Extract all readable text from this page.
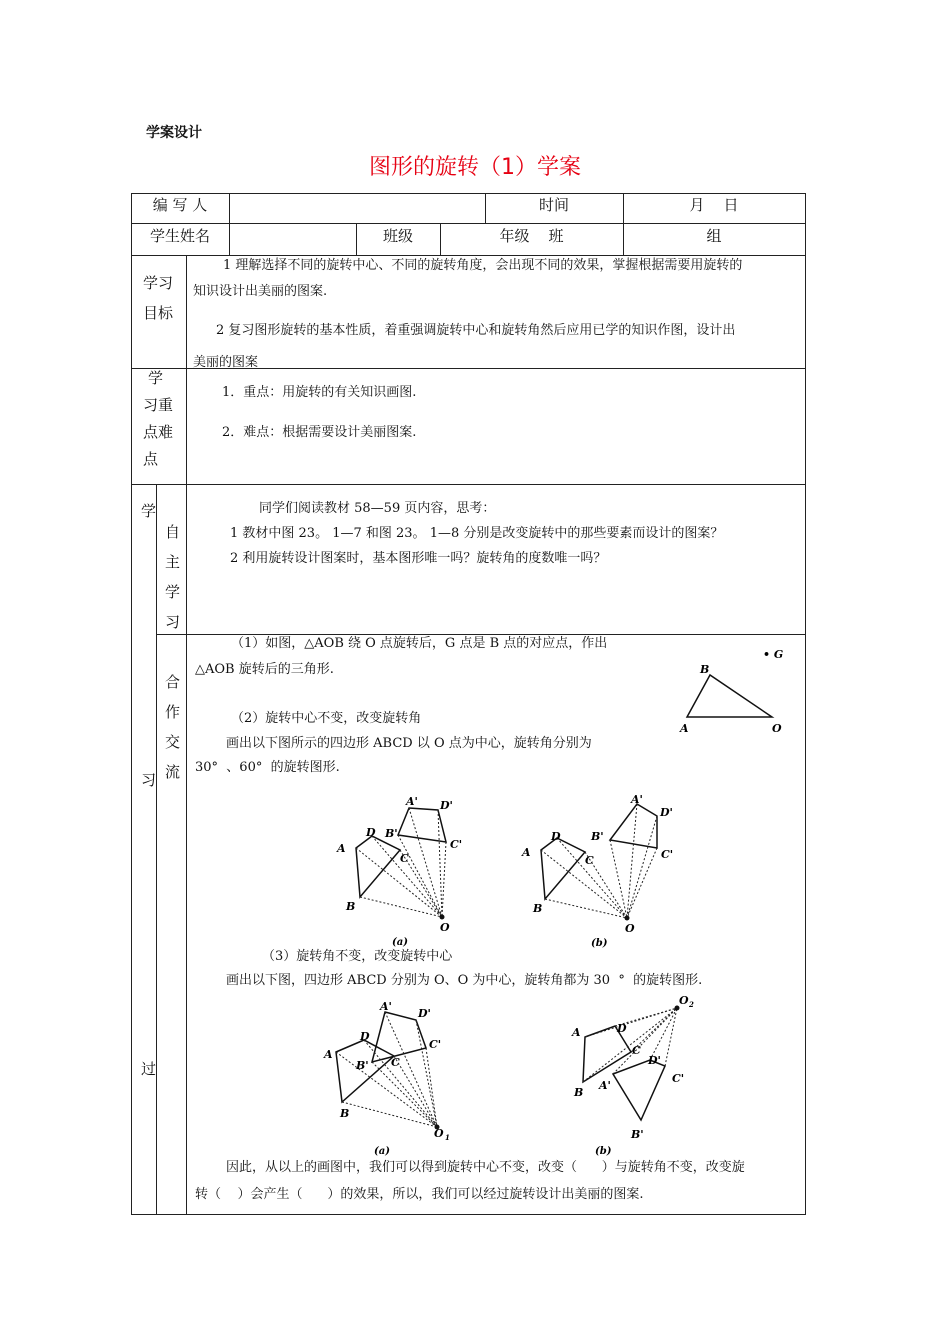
学案设计
图形的旋转（1）学案
编 写 人	时间	月    日
学生姓名	班级	年级    班	组
学习
目标
1 理解选择不同的旋转中心、不同的旋转角度，会出现不同的效果，掌握根据需要用旋转的
知识设计出美丽的图案.
2 复习图形旋转的基本性质，着重强调旋转中心和旋转角然后应用已学的知识作图，设计出
美丽的图案
学
习重
点难
点
1．重点：用旋转的有关知识画图.
2．难点：根据需要设计美丽图案.
学
习
过
自
主
学
习
同学们阅读教材 58—59 页内容，思考：
1 教材中图 23。 1—7 和图 23。 1—8 分别是改变旋转中的那些要素而设计的图案？
2 利用旋转设计图案时，基本图形唯一吗？旋转角的度数唯一吗？
合
作
交
流
（1）如图，△AOB 绕 O 点旋转后，G 点是 B 点的对应点，作出
△AOB 旋转后的三角形.
（2）旋转中心不变，改变旋转角
画出以下图所示的四边形 ABCD 以 O 点为中心，旋转角分别为
30°  、60°  的旋转图形.
（3）旋转角不变，改变旋转中心
画出以下图，四边形 ABCD 分别为 O、O 为中心，旋转角都为 30  °  的旋转图形.
因此，从以上的画图中，我们可以得到旋转中心不变，改变（      ）与旋转角不变，改变旋
转（    ）会产生（      ）的效果，所以，我们可以经过旋转设计出美丽的图案.
B
A	O
• G
A
D
C
B
O
A' D'
C'
B'
(a)
A
D
C
B
O
A'
D'
C'
B'
(b)
A
D
C
B
O 1
A'
D'
C'
B'
(a)
A	D
C
B
O 2
A'
D'
C'
B'
(b)
